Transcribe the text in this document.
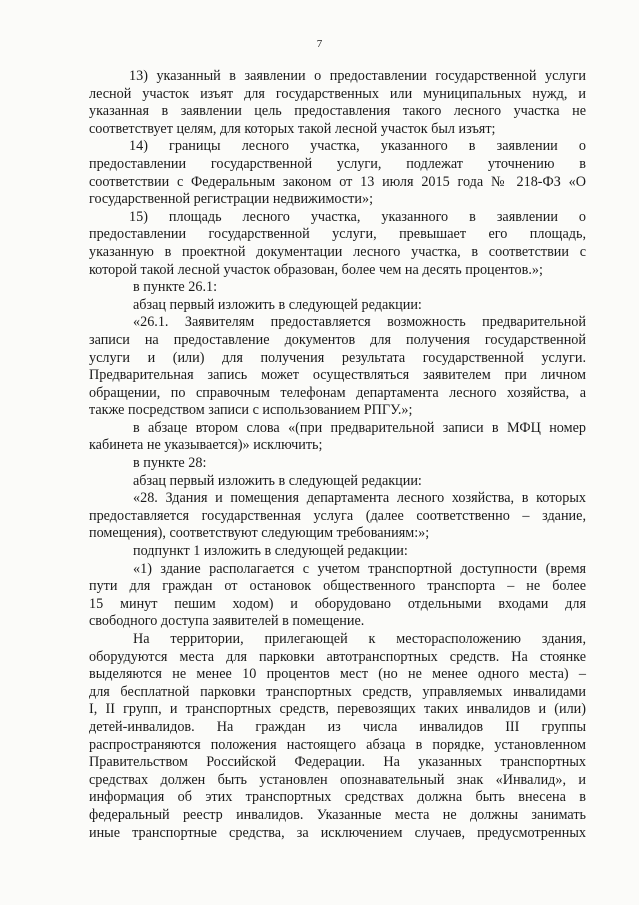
7
13) указанный в заявлении о предоставлении государственной услуги
лесной участок изъят для государственных или муниципальных нужд, и
указанная в заявлении цель предоставления такого лесного участка не
соответствует целям, для которых такой лесной участок был изъят;
14) границы лесного участка, указанного в заявлении о
предоставлении государственной услуги, подлежат уточнению в
соответствии с Федеральным законом от 13 июля 2015 года № 218-ФЗ «О
государственной регистрации недвижимости»;
15) площадь лесного участка, указанного в заявлении о
предоставлении государственной услуги, превышает его площадь,
указанную в проектной документации лесного участка, в соответствии с
которой такой лесной участок образован, более чем на десять процентов.»;
в пункте 26.1:
абзац первый изложить в следующей редакции:
«26.1. Заявителям предоставляется возможность предварительной
записи на предоставление документов для получения государственной
услуги и (или) для получения результата государственной услуги.
Предварительная запись может осуществляться заявителем при личном
обращении, по справочным телефонам департамента лесного хозяйства, а
также посредством записи с использованием РПГУ.»;
в абзаце втором слова «(при предварительной записи в МФЦ номер
кабинета не указывается)» исключить;
в пункте 28:
абзац первый изложить в следующей редакции:
«28. Здания и помещения департамента лесного хозяйства, в которых
предоставляется государственная услуга (далее соответственно – здание,
помещения), соответствуют следующим требованиям:»;
подпункт 1 изложить в следующей редакции:
«1) здание располагается с учетом транспортной доступности (время
пути для граждан от остановок общественного транспорта – не более
15 минут пешим ходом) и оборудовано отдельными входами для
свободного доступа заявителей в помещение.
На территории, прилегающей к месторасположению здания,
оборудуются места для парковки автотранспортных средств. На стоянке
выделяются не менее 10 процентов мест (но не менее одного места) –
для бесплатной парковки транспортных средств, управляемых инвалидами
I, II групп, и транспортных средств, перевозящих таких инвалидов и (или)
детей-инвалидов. На граждан из числа инвалидов III группы
распространяются положения настоящего абзаца в порядке, установленном
Правительством Российской Федерации. На указанных транспортных
средствах должен быть установлен опознавательный знак «Инвалид», и
информация об этих транспортных средствах должна быть внесена в
федеральный реестр инвалидов. Указанные места не должны занимать
иные транспортные средства, за исключением случаев, предусмотренных
